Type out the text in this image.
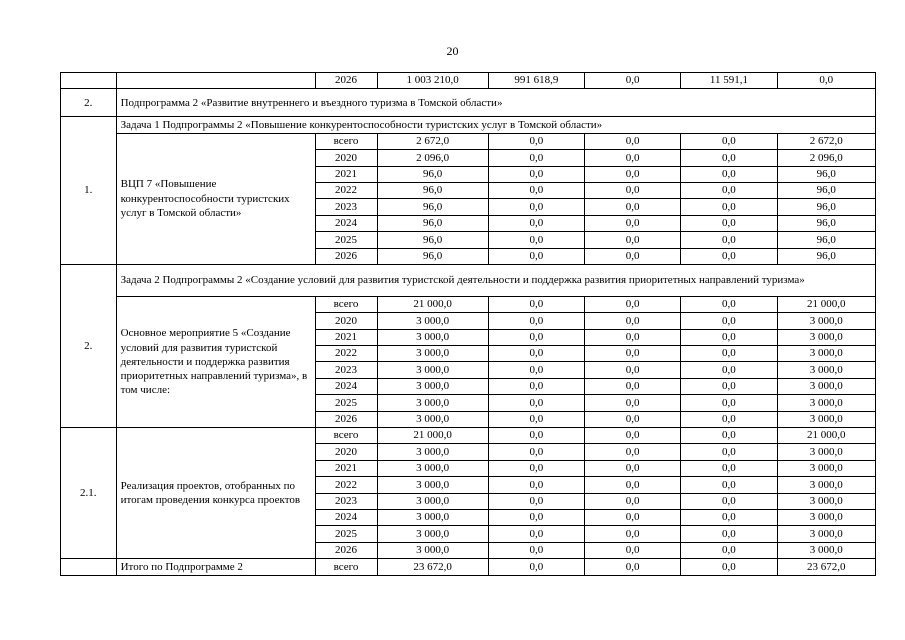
20
		2026	1 003 210,0	991 618,9	0,0	11 591,1	0,0
2.	Подпрограмма 2 «Развитие внутреннего и въездного туризма в Томской области»						
1.	Задача 1 Подпрограммы 2 «Повышение конкурентоспособности туристских услуг в Томской области»						
	ВЦП 7 «Повышение конкурентоспособности туристских услуг в Томской области»	всего	2 672,0	0,0	0,0	0,0	2 672,0
		2020	2 096,0	0,0	0,0	0,0	2 096,0
		2021	96,0	0,0	0,0	0,0	96,0
		2022	96,0	0,0	0,0	0,0	96,0
		2023	96,0	0,0	0,0	0,0	96,0
		2024	96,0	0,0	0,0	0,0	96,0
		2025	96,0	0,0	0,0	0,0	96,0
		2026	96,0	0,0	0,0	0,0	96,0
2.	Задача 2 Подпрограммы 2 «Создание условий для развития туристской деятельности и поддержка развития приоритетных направлений туризма»						
	Основное мероприятие 5 «Создание условий для развития туристской деятельности и поддержка развития приоритетных направлений туризма», в том числе:	всего	21 000,0	0,0	0,0	0,0	21 000,0
		2020	3 000,0	0,0	0,0	0,0	3 000,0
		2021	3 000,0	0,0	0,0	0,0	3 000,0
		2022	3 000,0	0,0	0,0	0,0	3 000,0
		2023	3 000,0	0,0	0,0	0,0	3 000,0
		2024	3 000,0	0,0	0,0	0,0	3 000,0
		2025	3 000,0	0,0	0,0	0,0	3 000,0
		2026	3 000,0	0,0	0,0	0,0	3 000,0
2.1.	Реализация проектов, отобранных по итогам проведения конкурса проектов	всего	21 000,0	0,0	0,0	0,0	21 000,0
		2020	3 000,0	0,0	0,0	0,0	3 000,0
		2021	3 000,0	0,0	0,0	0,0	3 000,0
		2022	3 000,0	0,0	0,0	0,0	3 000,0
		2023	3 000,0	0,0	0,0	0,0	3 000,0
		2024	3 000,0	0,0	0,0	0,0	3 000,0
		2025	3 000,0	0,0	0,0	0,0	3 000,0
		2026	3 000,0	0,0	0,0	0,0	3 000,0
	Итого по Подпрограмме 2	всего	23 672,0	0,0	0,0	0,0	23 672,0
